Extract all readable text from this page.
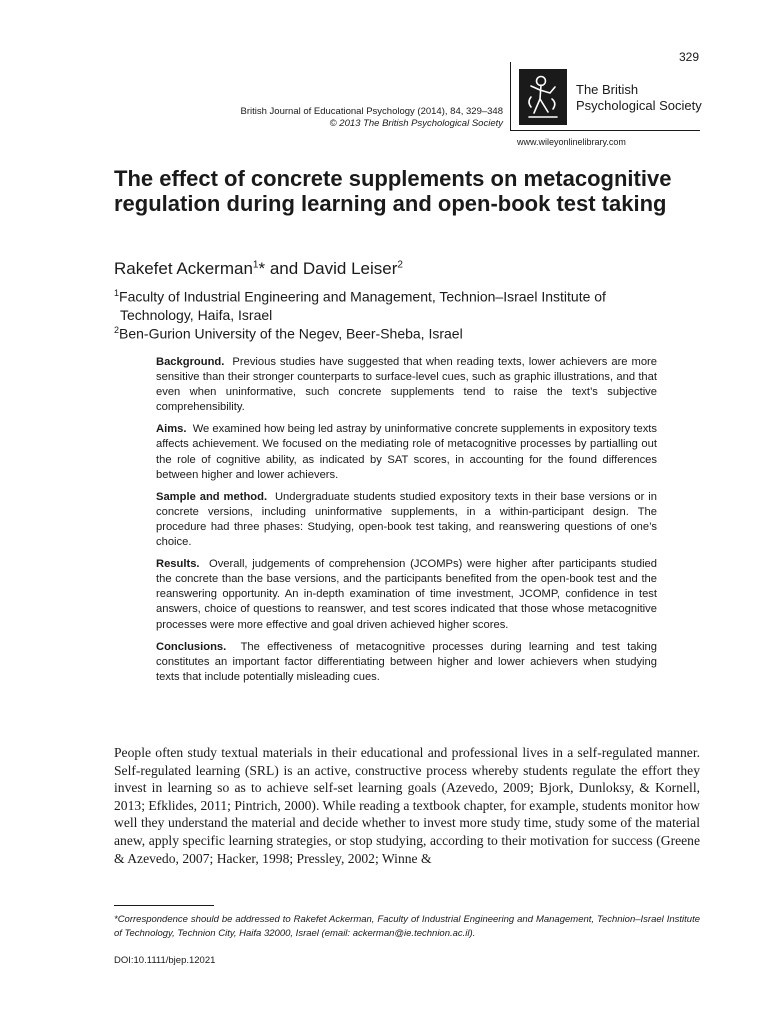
329
British Journal of Educational Psychology (2014), 84, 329–348
© 2013 The British Psychological Society
The British
Psychological Society
www.wileyonlinelibrary.com
The effect of concrete supplements on metacognitive regulation during learning and open-book test taking
Rakefet Ackerman$^1$* and David Leiser$^2$
$^1$Faculty of Industrial Engineering and Management, Technion–Israel Institute of
Technology, Haifa, Israel
$^2$Ben-Gurion University of the Negev, Beer-Sheba, Israel

Background. Previous studies have suggested that when reading texts, lower achievers are more sensitive than their stronger counterparts to surface-level cues, such as graphic illustrations, and that even when uninformative, such concrete supplements tend to raise the text’s subjective comprehensibility.

Aims. We examined how being led astray by uninformative concrete supplements in expository texts affects achievement. We focused on the mediating role of metacognitive processes by partialling out the role of cognitive ability, as indicated by SAT scores, in accounting for the found differences between higher and lower achievers.

Sample and method. Undergraduate students studied expository texts in their base versions or in concrete versions, including uninformative supplements, in a within-participant design. The procedure had three phases: Studying, open-book test taking, and reanswering questions of one’s choice.

Results. Overall, judgements of comprehension (JCOMPs) were higher after participants studied the concrete than the base versions, and the participants benefited from the open-book test and the reanswering opportunity. An in-depth examination of time investment, JCOMP, confidence in test answers, choice of questions to reanswer, and test scores indicated that those whose metacognitive processes were more effective and goal driven achieved higher scores.

Conclusions. The effectiveness of metacognitive processes during learning and test taking constitutes an important factor differentiating between higher and lower achievers when studying texts that include potentially misleading cues.

People often study textual materials in their educational and professional lives in a self-regulated manner. Self-regulated learning (SRL) is an active, constructive process whereby students regulate the effort they invest in learning so as to achieve self-set learning goals (Azevedo, 2009; Bjork, Dunloksy, & Kornell, 2013; Efklides, 2011; Pintrich, 2000). While reading a textbook chapter, for example, students monitor how well they understand the material and decide whether to invest more study time, study some of the material anew, apply specific learning strategies, or stop studying, according to their motivation for success (Greene & Azevedo, 2007; Hacker, 1998; Pressley, 2002; Winne &

*Correspondence should be addressed to Rakefet Ackerman, Faculty of Industrial Engineering and Management, Technion–Israel Institute of Technology, Technion City, Haifa 32000, Israel (email: ackerman@ie.technion.ac.il).
DOI:10.1111/bjep.12021
